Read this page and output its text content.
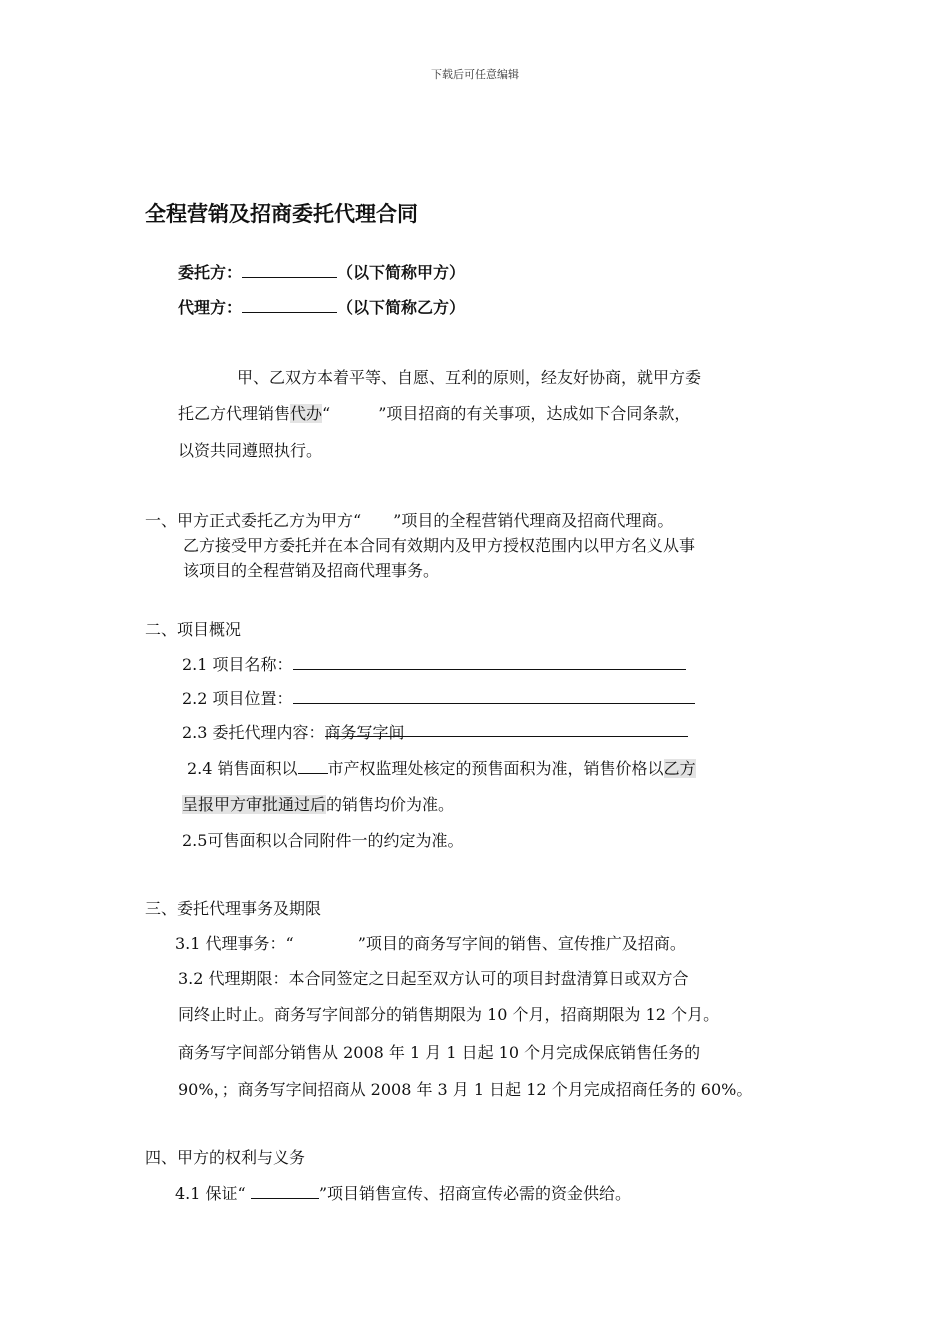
下载后可任意编辑
全程营销及招商委托代理合同
委托方：	（以下简称甲方）
代理方：	（以下简称乙方）
甲、乙双方本着平等、自愿、互利的原则，经友好协商，就甲方委
托乙方代理销售代办“　　　”项目招商的有关事项，达成如下合同条款，
以资共同遵照执行。
一、甲方正式委托乙方为甲方“　　”项目的全程营销代理商及招商代理商。
乙方接受甲方委托并在本合同有效期内及甲方授权范围内以甲方名义从事
该项目的全程营销及招商代理事务。
二、项目概况
2.1 项目名称：
2.2 项目位置：
2.3 委托代理内容：商务写字间
2.4 销售面积以 市产权监理处核定的预售面积为准，销售价格以乙方
呈报甲方审批通过后的销售均价为准。
2.5可售面积以合同附件一的约定为准。
三、委托代理事务及期限
3.1 代理事务：“　　　　”项目的商务写字间的销售、宣传推广及招商。
3.2 代理期限：本合同签定之日起至双方认可的项目封盘清算日或双方合
同终止时止。商务写字间部分的销售期限为 10 个月，招商期限为 12 个月。
商务写字间部分销售从 2008 年 1 月 1 日起 10 个月完成保底销售任务的
90%，；商务写字间招商从 2008 年 3 月 1 日起 12 个月完成招商任务的 60%。
四、甲方的权利与义务
4.1 保证“	”项目销售宣传、招商宣传必需的资金供给。
